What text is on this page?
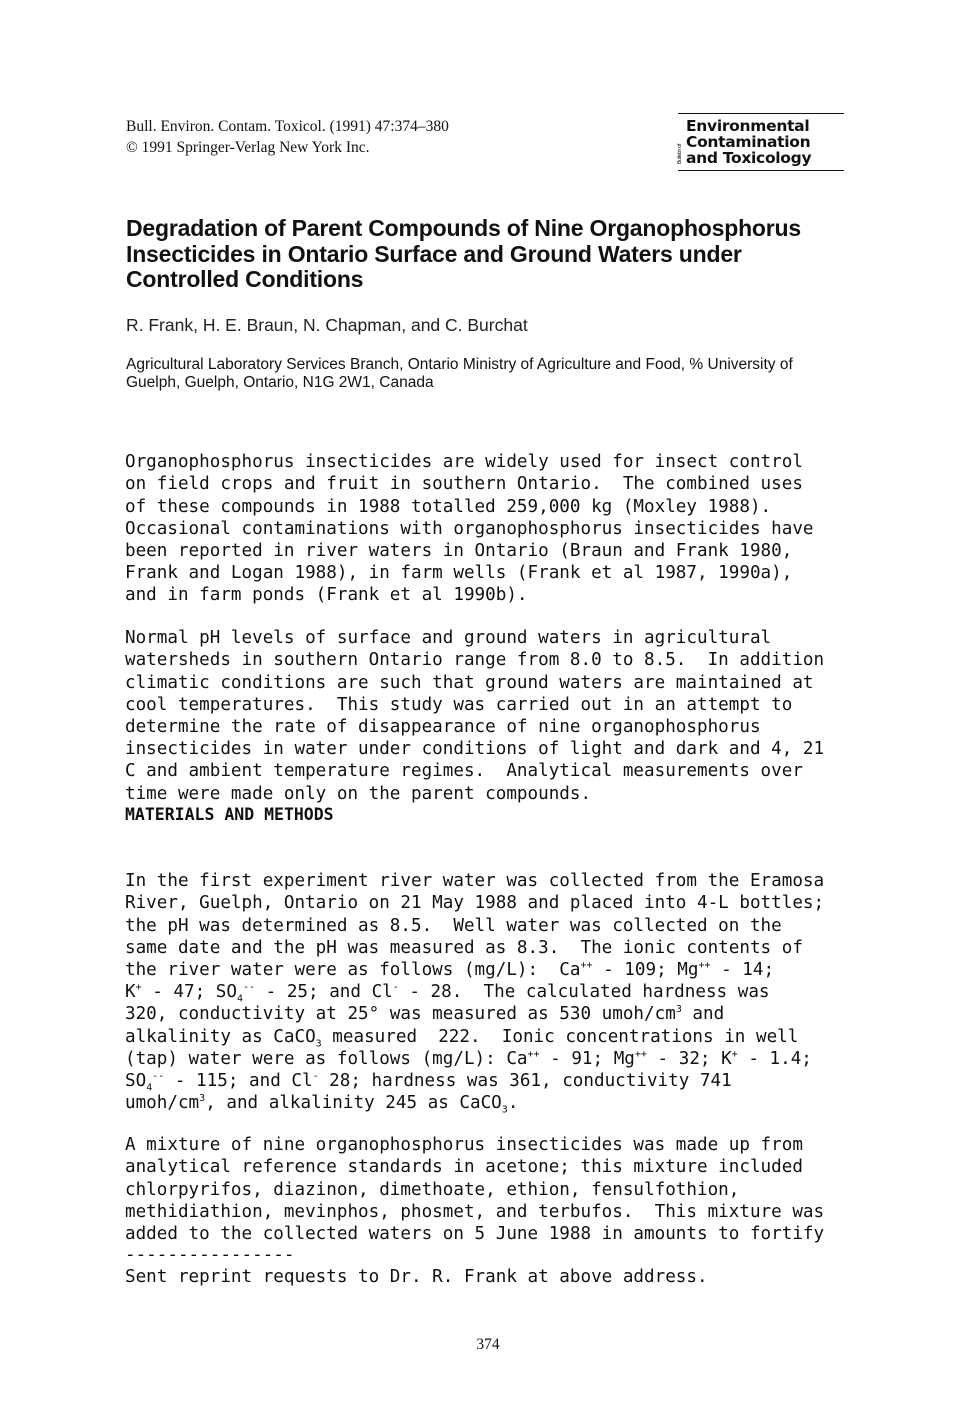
Bull. Environ. Contam. Toxicol. (1991) 47:374–380
© 1991 Springer-Verlag New York Inc.	Bulletin of
Environmental
Contamination
and Toxicology
Degradation of Parent Compounds of Nine Organophosphorus Insecticides in Ontario Surface and Ground Waters under Controlled Conditions
R. Frank, H. E. Braun, N. Chapman, and C. Burchat
Agricultural Laboratory Services Branch, Ontario Ministry of Agriculture and Food, % University of Guelph, Guelph, Ontario, N1G 2W1, Canada

Organophosphorus insecticides are widely used for insect control
on field crops and fruit in southern Ontario.  The combined uses
of these compounds in 1988 totalled 259,000 kg (Moxley 1988).
Occasional contaminations with organophosphorus insecticides have
been reported in river waters in Ontario (Braun and Frank 1980,
Frank and Logan 1988), in farm wells (Frank et al 1987, 1990a),
and in farm ponds (Frank et al 1990b).

Normal pH levels of surface and ground waters in agricultural
watersheds in southern Ontario range from 8.0 to 8.5.  In addition
climatic conditions are such that ground waters are maintained at
cool temperatures.  This study was carried out in an attempt to
determine the rate of disappearance of nine organophosphorus
insecticides in water under conditions of light and dark and 4, 21
C and ambient temperature regimes.  Analytical measurements over
time were made only on the parent compounds.

MATERIALS AND METHODS

In the first experiment river water was collected from the Eramosa
River, Guelph, Ontario on 21 May 1988 and placed into 4-L bottles;
the pH was determined as 8.5.  Well water was collected on the
same date and the pH was measured as 8.3.  The ionic contents of
the river water were as follows (mg/L):  Ca++ - 109; Mg++ - 14;
K+ - 47; $SO_4^{--} - 25$; and Cl- - 28.  The calculated hardness was
320, conductivity at 25° was measured as 530 umoh/$cm^3$ and
alkalinity as CaCO$_3$ measured  222.  Ionic concentrations in well
(tap) water were as follows (mg/L): Ca++ - 91; Mg++ - 32; K+ - 1.4;
$SO_4^{--} - 115$; and Cl- 28; hardness was 361, conductivity 741
umoh/$cm^3$, and alkalinity 245 as CaCO$_3$.

A mixture of nine organophosphorus insecticides was made up from
analytical reference standards in acetone; this mixture included
chlorpyrifos, diazinon, dimethoate, ethion, fensulfothion,
methidiathion, mevinphos, phosmet, and terbufos.  This mixture was
added to the collected waters on 5 June 1988 in amounts to fortify

----------------
Sent reprint requests to Dr. R. Frank at above address.
374
